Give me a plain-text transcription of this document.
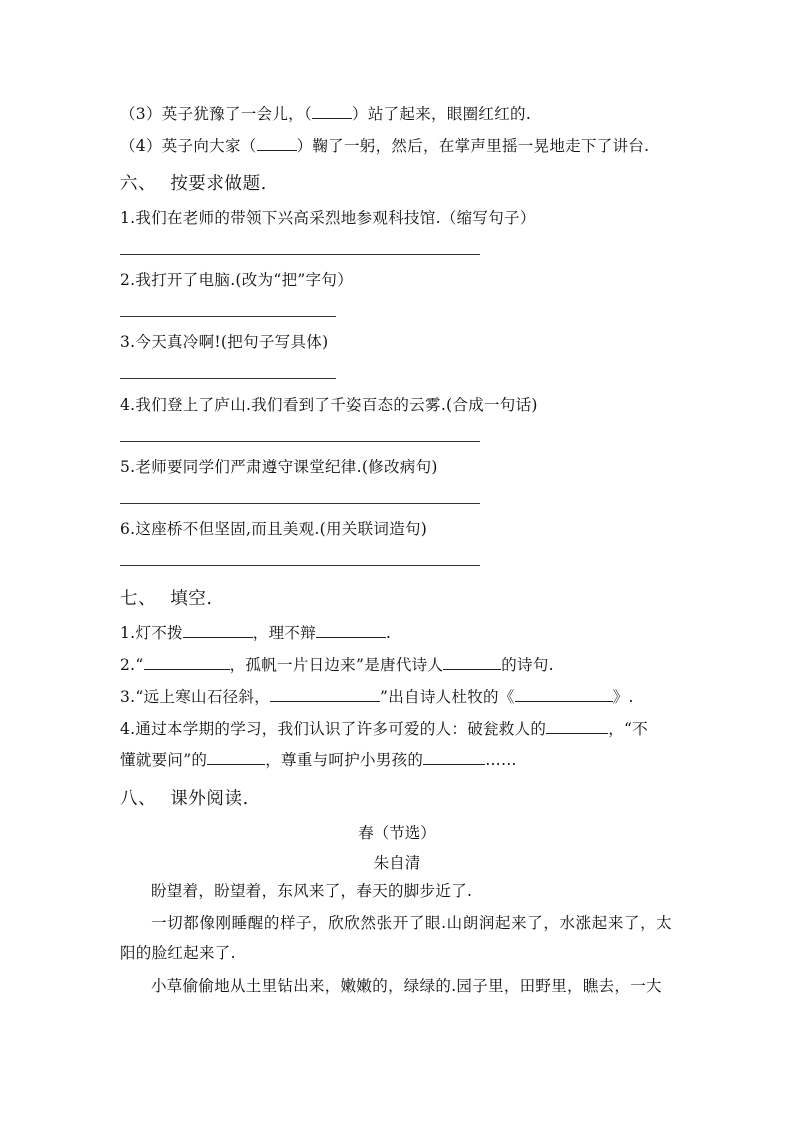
（3）英子犹豫了一会儿，（	）站了起来，眼圈红红的.
（4）英子向大家（	）鞠了一躬，然后，在掌声里摇一晃地走下了讲台.
六、 按要求做题.
1.我们在老师的带领下兴高采烈地参观科技馆.（缩写句子）
2.我打开了电脑.(改为“把”字句）
3.今天真冷啊!(把句子写具体)
4.我们登上了庐山.我们看到了千姿百态的云雾.(合成一句话)
5.老师要同学们严肃遵守课堂纪律.(修改病句)
6.这座桥不但坚固,而且美观.(用关联词造句)
七、 填空.
1.灯不拨	，理不辩	.
2.“	，孤帆一片日边来”是唐代诗人	的诗句.
3.“远上寒山石径斜，	”出自诗人杜牧的《	》.
4.通过本学期的学习，我们认识了许多可爱的人：破瓮救人的	，“不
懂就要问”的	，尊重与呵护小男孩的	……
八、 课外阅读.
春（节选）
朱自清
盼望着，盼望着，东风来了，春天的脚步近了.
一切都像刚睡醒的样子，欣欣然张开了眼.山朗润起来了，水涨起来了，太阳的脸红起来了.
小草偷偷地从土里钻出来，嫩嫩的，绿绿的.园子里，田野里，瞧去，一大
